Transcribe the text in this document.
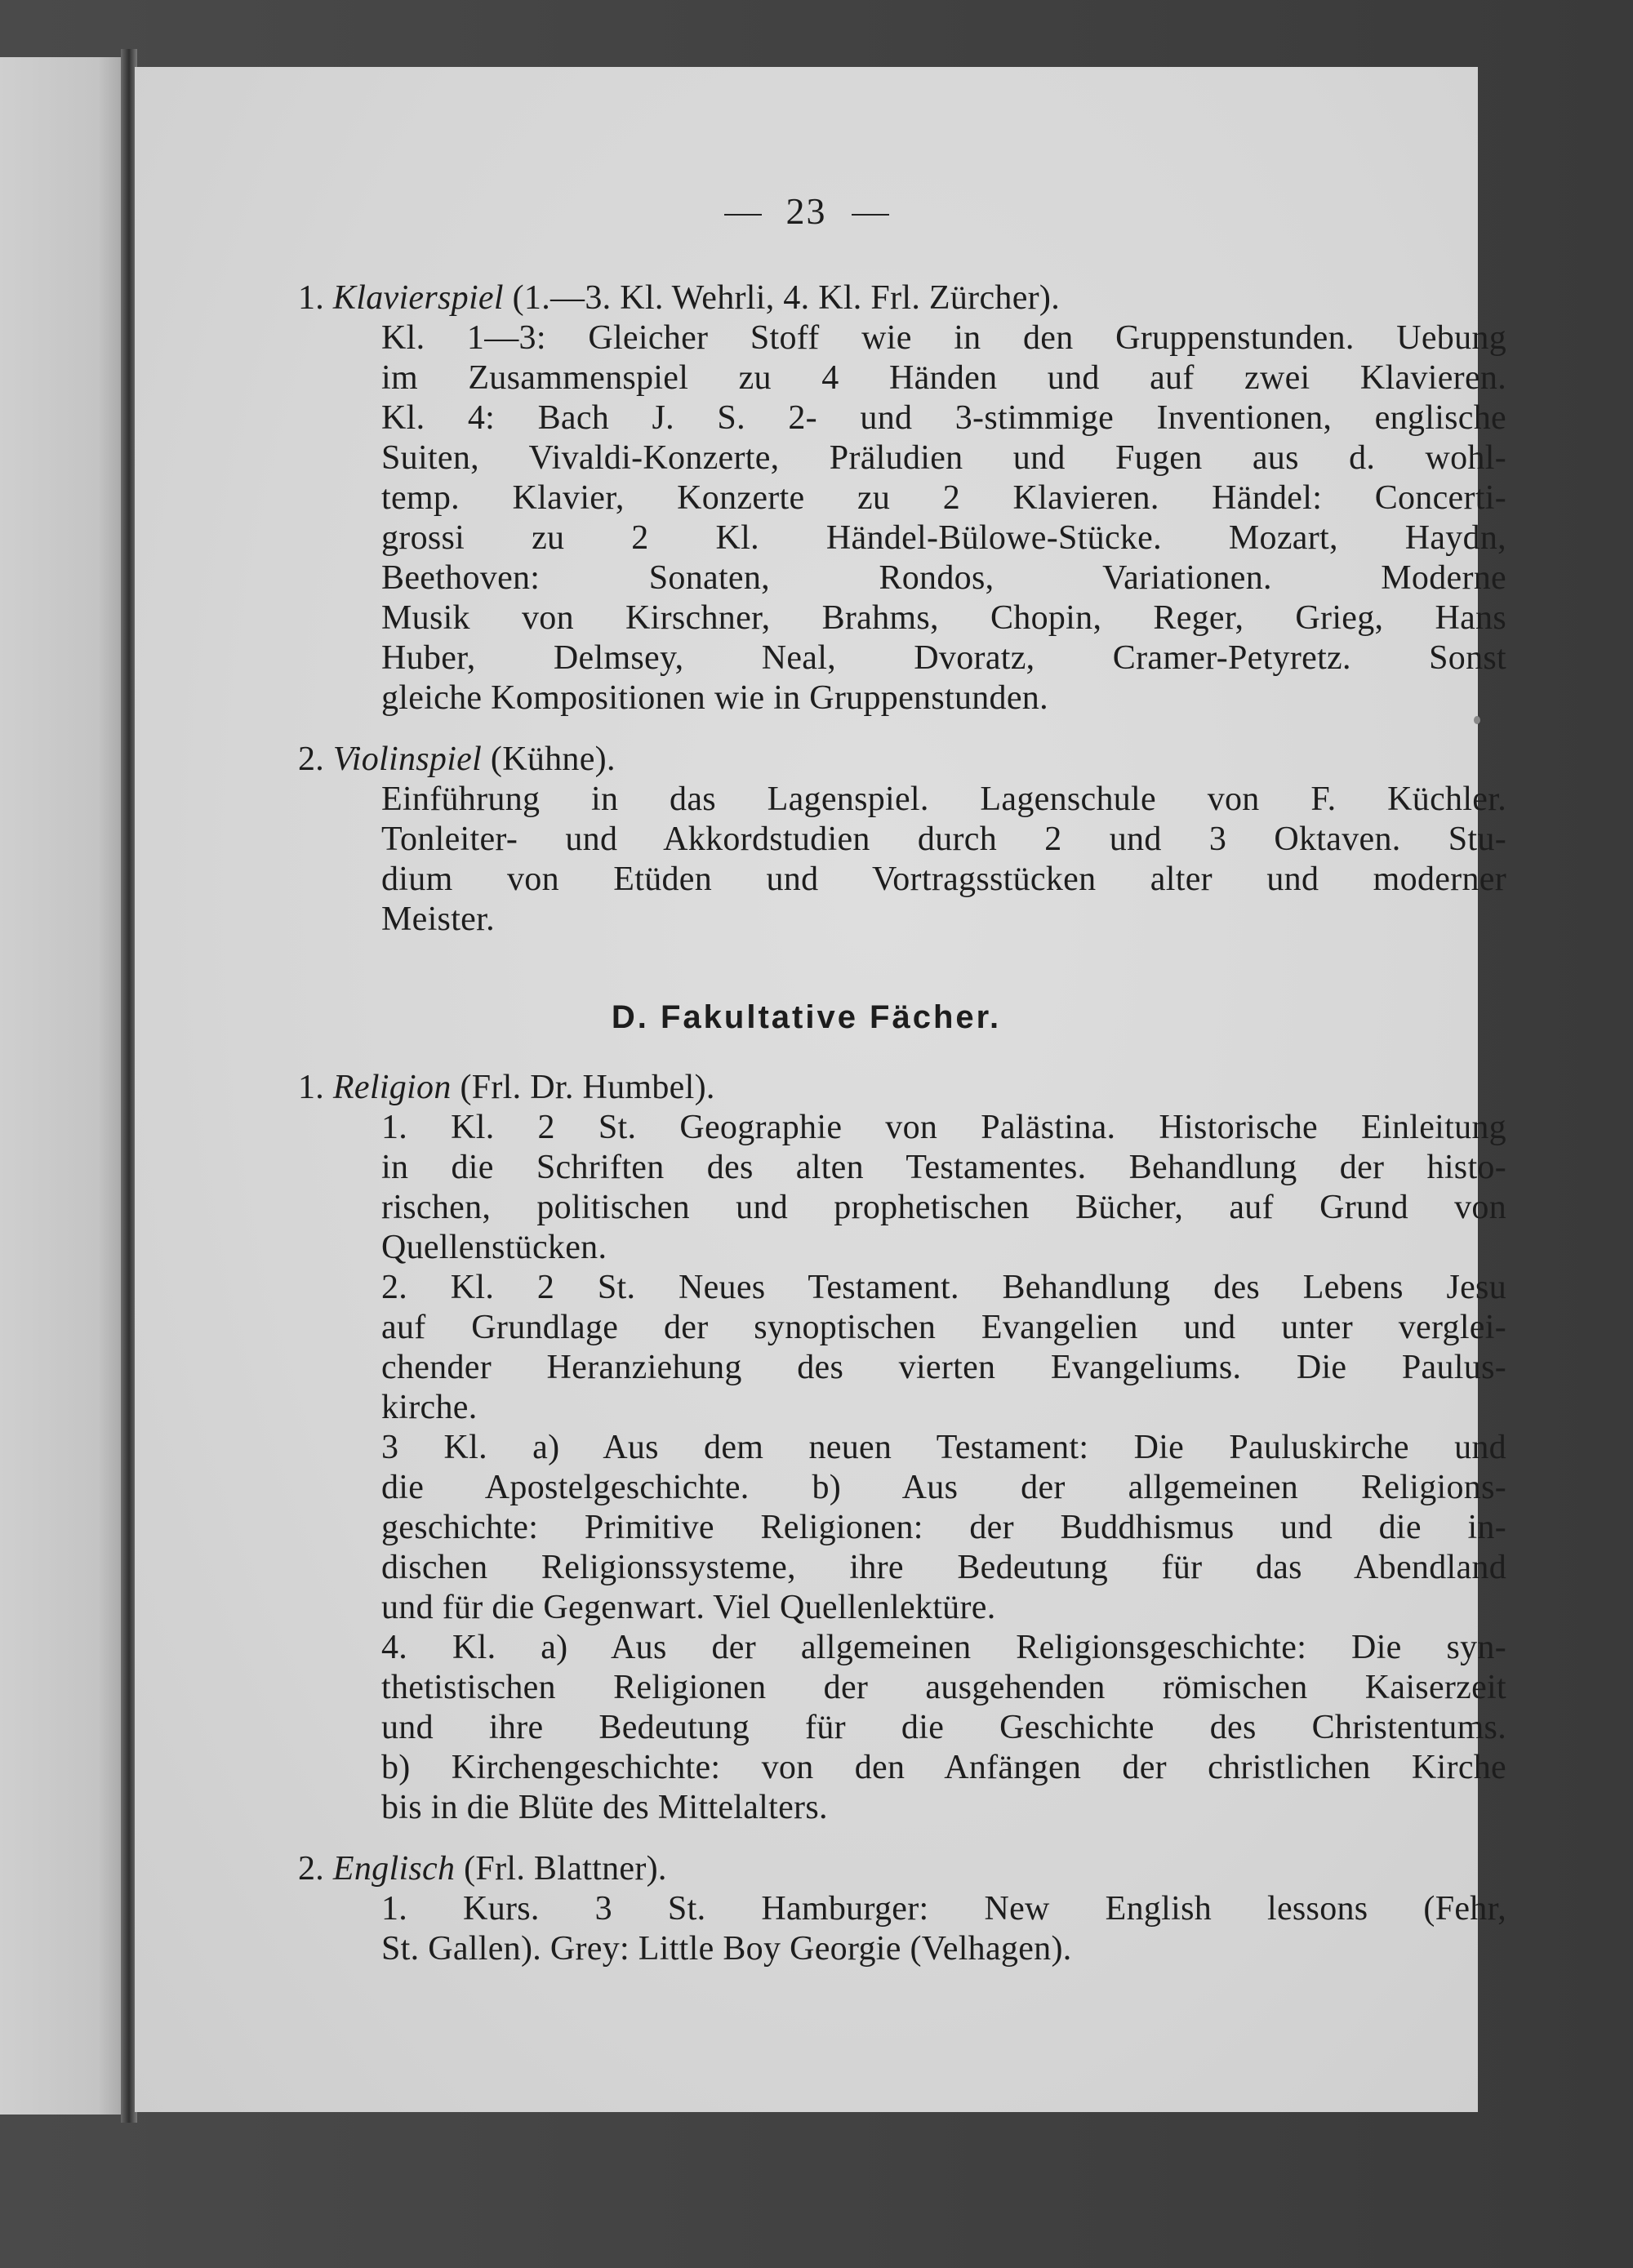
23
1. Klavierspiel (1.—3. Kl. Wehrli, 4. Kl. Frl. Zürcher).
Kl. 1—3: Gleicher Stoff wie in den Gruppenstunden. Uebung
im Zusammenspiel zu 4 Händen und auf zwei Klavieren.
Kl. 4: Bach J. S. 2- und 3-stimmige Inventionen, englische
Suiten, Vivaldi-Konzerte, Präludien und Fugen aus d. wohl-
temp. Klavier, Konzerte zu 2 Klavieren. Händel: Concerti-
grossi zu 2 Kl. Händel-Bülowe-Stücke. Mozart, Haydn,
Beethoven: Sonaten, Rondos, Variationen. Moderne
Musik von Kirschner, Brahms, Chopin, Reger, Grieg, Hans
Huber, Delmsey, Neal, Dvoratz, Cramer-Petyretz. Sonst
gleiche Kompositionen wie in Gruppenstunden.
2. Violinspiel (Kühne).
Einführung in das Lagenspiel. Lagenschule von F. Küchler.
Tonleiter- und Akkordstudien durch 2 und 3 Oktaven. Stu-
dium von Etüden und Vortragsstücken alter und moderner
Meister.
D. Fakultative Fächer.
1. Religion (Frl. Dr. Humbel).
1. Kl. 2 St. Geographie von Palästina. Historische Einleitung
in die Schriften des alten Testamentes. Behandlung der histo-
rischen, politischen und prophetischen Bücher, auf Grund von
Quellenstücken.
2. Kl. 2 St. Neues Testament. Behandlung des Lebens Jesu
auf Grundlage der synoptischen Evangelien und unter verglei-
chender Heranziehung des vierten Evangeliums. Die Paulus-
kirche.
3 Kl. a) Aus dem neuen Testament: Die Pauluskirche und
die Apostelgeschichte. b) Aus der allgemeinen Religions-
geschichte: Primitive Religionen: der Buddhismus und die in-
dischen Religionssysteme, ihre Bedeutung für das Abendland
und für die Gegenwart. Viel Quellenlektüre.
4. Kl. a) Aus der allgemeinen Religionsgeschichte: Die syn-
thetistischen Religionen der ausgehenden römischen Kaiserzeit
und ihre Bedeutung für die Geschichte des Christentums.
b) Kirchengeschichte: von den Anfängen der christlichen Kirche
bis in die Blüte des Mittelalters.
2. Englisch (Frl. Blattner).
1. Kurs. 3 St. Hamburger: New English lessons (Fehr,
St. Gallen). Grey: Little Boy Georgie (Velhagen).
